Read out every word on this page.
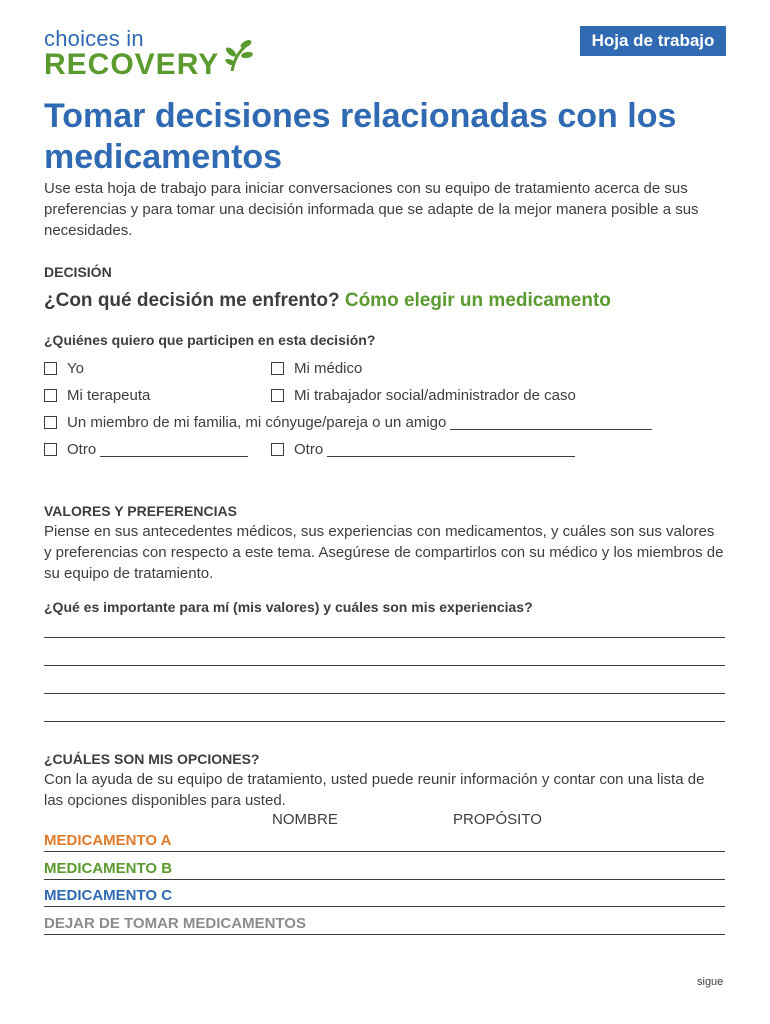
choices in
RECOVERY
Hoja de trabajo
Tomar decisiones relacionadas con los medicamentos

Use esta hoja de trabajo para iniciar conversaciones con su equipo de tratamiento acerca de sus preferencias y para tomar una decisión informada que se adapte de la mejor manera posible a sus necesidades.

DECISIÓN
¿Con qué decisión me enfrento? Cómo elegir un medicamento
¿Quiénes quiero que participen en esta decisión?
Yo	Mi médico
Mi terapeuta	Mi trabajador social/administrador de caso
Un miembro de mi familia, mi cónyuge/pareja o un amigo
Otro	Otro
VALORES Y PREFERENCIAS

Piense en sus antecedentes médicos, sus experiencias con medicamentos, y cuáles son sus valores y preferencias con respecto a este tema. Asegúrese de compartirlos con su médico y los miembros de su equipo de tratamiento.

¿Qué es importante para mí (mis valores) y cuáles son mis experiencias?
¿CUÁLES SON MIS OPCIONES?

Con la ayuda de su equipo de tratamiento, usted puede reunir información y contar con una lista de las opciones disponibles para usted.

NOMBRE	PROPÓSITO
MEDICAMENTO A
MEDICAMENTO B
MEDICAMENTO C
DEJAR DE TOMAR MEDICAMENTOS
sigue
